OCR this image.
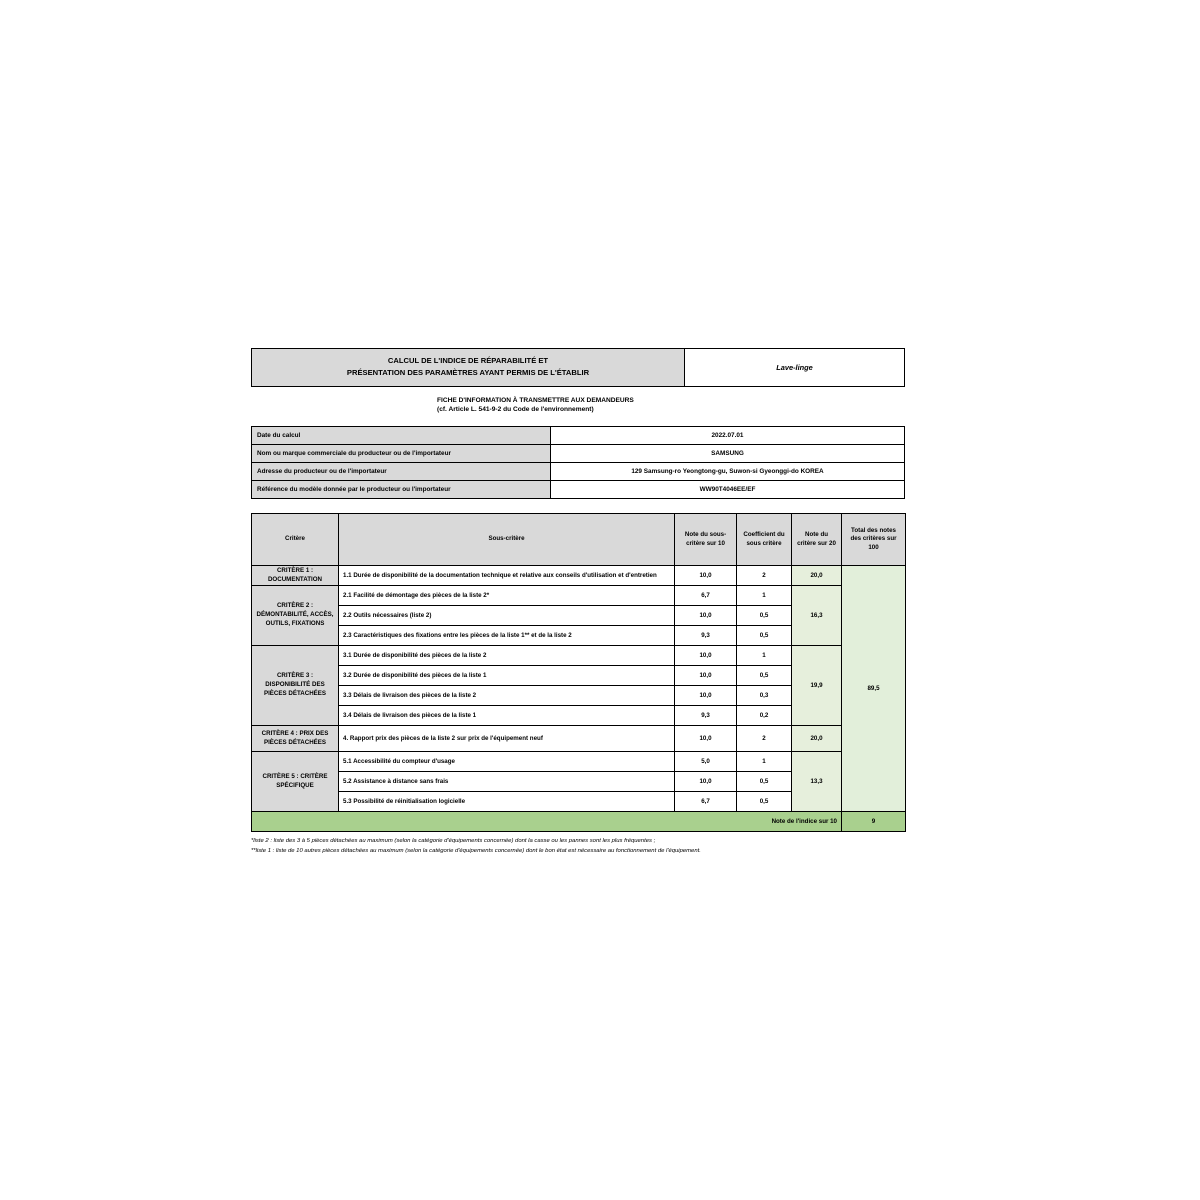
CALCUL DE L'INDICE DE RÉPARABILITÉ ET
PRÉSENTATION DES PARAMÈTRES AYANT PERMIS DE L'ÉTABLIR
Lave-linge
FICHE D'INFORMATION À TRANSMETTRE AUX DEMANDEURS
(cf. Article L. 541-9-2 du Code de l'environnement)
Date du calcul	2022.07.01
Nom ou marque commerciale du producteur ou de l'importateur	SAMSUNG
Adresse du producteur ou de l'importateur	129 Samsung-ro Yeongtong-gu, Suwon-si Gyeonggi-do KOREA
Référence du modèle donnée par le producteur ou l'importateur	WW90T4046EE/EF
Critère	Sous-critère	Note du sous-critère sur 10	Coefficient du sous critère	Note du critère sur 20	Total des notes des critères sur 100
CRITÈRE 1 : DOCUMENTATION	1.1 Durée de disponibilité de la documentation technique et relative aux conseils d'utilisation et d'entretien	10,0	2	20,0	89,5
CRITÈRE 2 : DÉMONTABILITÉ, ACCÈS, OUTILS, FIXATIONS	2.1 Facilité de démontage des pièces de la liste 2*	6,7	1	16,3	
	2.2 Outils nécessaires (liste 2)	10,0	0,5		
	2.3 Caractéristiques des fixations entre les pièces de la liste 1** et de la liste 2	9,3	0,5		
CRITÈRE 3 : DISPONIBILITÉ DES PIÈCES DÉTACHÉES	3.1 Durée de disponibilité des pièces de la liste 2	10,0	1	19,9	
	3.2 Durée de disponibilité des pièces de la liste 1	10,0	0,5		
	3.3 Délais de livraison des pièces de la liste 2	10,0	0,3		
	3.4 Délais de livraison des pièces de la liste 1	9,3	0,2		
CRITÈRE 4 : PRIX DES PIÈCES DÉTACHÉES	4. Rapport prix des pièces de la liste 2 sur prix de l'équipement neuf	10,0	2	20,0	
CRITÈRE 5 : CRITÈRE SPÉCIFIQUE	5.1 Accessibilité du compteur d'usage	5,0	1	13,3	
	5.2 Assistance à distance sans frais	10,0	0,5		
	5.3 Possibilité de réinitialisation logicielle	6,7	0,5		
Note de l'indice sur 10					9
*liste 2 : liste des 3 à 5 pièces détachées au maximum (selon la catégorie d'équipements concernée) dont la casse ou les pannes sont les plus fréquentes ;
**liste 1 : liste de 10 autres pièces détachées au maximum (selon la catégorie d'équipements concernée) dont le bon état est nécessaire au fonctionnement de l'équipement.
